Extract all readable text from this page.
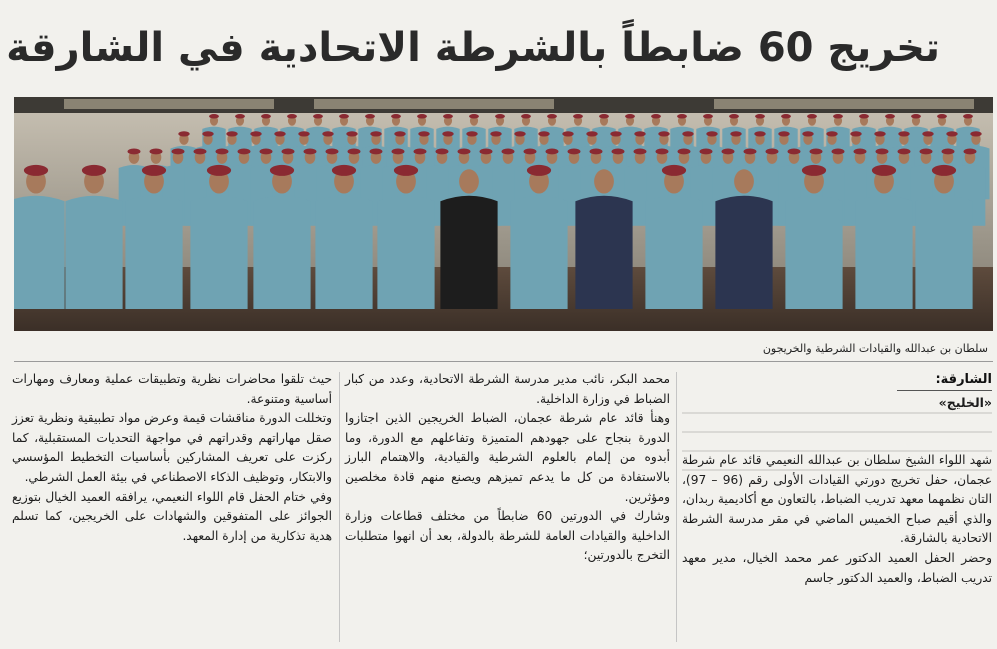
تخريج 60 ضابطاً بالشرطة الاتحادية في الشارقة
سلطان بن عبدالله والقيادات الشرطية والخريجون
الشارقة:
«الخليج»

شهد اللواء الشيخ سلطان بن عبدالله النعيمي قائد عام شرطة عجمان، حفل تخريج دورتي القيادات الأولى رقم (96 – 97)، التان نظمهما معهد تدريب الضباط، بالتعاون مع أكاديمية ربدان، والذي أقيم صباح الخميس الماضي في مقر مدرسة الشرطة الاتحادية بالشارقة.

وحضر الحفل العميد الدكتور عمر محمد الخيال، مدير معهد تدريب الضباط، والعميد الدكتور جاسم

محمد البكر، نائب مدير مدرسة الشرطة الاتحادية، وعدد من كبار الضباط في وزارة الداخلية.

وهنأ قائد عام شرطة عجمان، الضباط الخريجين الذين اجتازوا الدورة بنجاح على جهودهم المتميزة وتفاعلهم مع الدورة، وما أبدوه من إلمام بالعلوم الشرطية والقيادية، والاهتمام البارز بالاستفادة من كل ما يدعم تميزهم ويصنع منهم قادة مخلصين ومؤثرين.

وشارك في الدورتين 60 ضابطاً من مختلف قطاعات وزارة الداخلية والقيادات العامة للشرطة بالدولة، بعد أن انهوا متطلبات التخرج بالدورتين؛

حيث تلقوا محاضرات نظرية وتطبيقات عملية ومعارف ومهارات أساسية ومتنوعة.

وتخللت الدورة مناقشات قيمة وعرض مواد تطبيقية ونظرية تعزز صقل مهاراتهم وقدراتهم في مواجهة التحديات المستقبلية، كما ركزت على تعريف المشاركين بأساسيات التخطيط المؤسسي والابتكار، وتوظيف الذكاء الاصطناعي في بيئة العمل الشرطي.

وفي ختام الحفل قام اللواء النعيمي، يرافقه العميد الخيال بتوزيع الجوائز على المتفوقين والشهادات على الخريجين، كما تسلم هدية تذكارية من إدارة المعهد.
